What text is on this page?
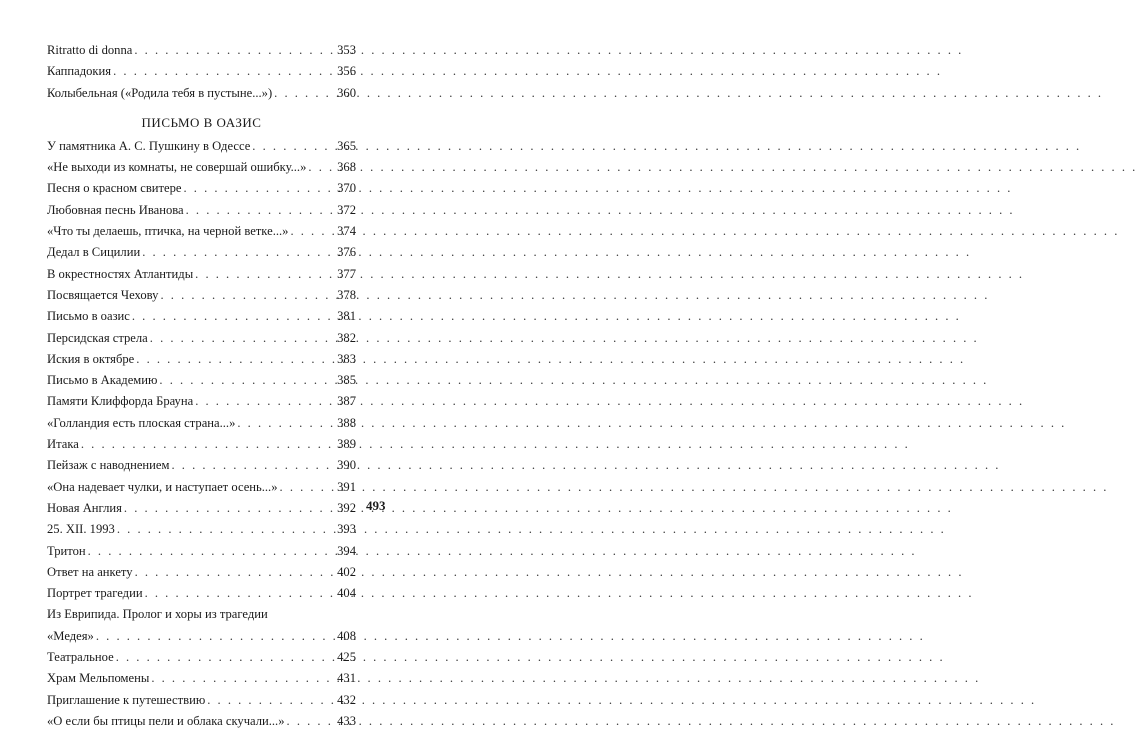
Ritratto di donna . . .	353
Каппадокия . . .	356
Колыбельная («Родила тебя в пустыне...») . . .	360
ПИСЬМО В ОАЗИС
У памятника А. С. Пушкину в Одессе . . .	365
«Не выходи из комнаты, не совершай ошибку...» . . . 368
Песня о красном свитере . . .	370
Любовная песнь Иванова . . .	372
«Что ты делаешь, птичка, на черной ветке...» . . .	374
Дедал в Сицилии . . .	376
В окрестностях Атлантиды . . .	377
Посвящается Чехову . . .	378
Письмо в оазис . . .	381
Персидская стрела . . .	382
Иския в октябре . . .	383
Письмо в Академию . . .	385
Памяти Клиффорда Брауна . . .	387
«Голландия есть плоская страна...» . . .	388
Итака . . .	389
Пейзаж с наводнением . . .	390
«Она надевает чулки, и наступает осень...» . . .	391
Новая Англия . . .	392
25. XII. 1993 . . .	393
Тритон . . .	394
Ответ на анкету . . .	402
Портрет трагедии . . .	404
Из Еврипида. Пролог и хоры из трагедии
«Медея» . . .	408
Театральное . . .	425
Храм Мельпомены . . .	431
Приглашение к путешествию . . .	432
«О если бы птицы пели и облака скучали...» . . .	433
493
